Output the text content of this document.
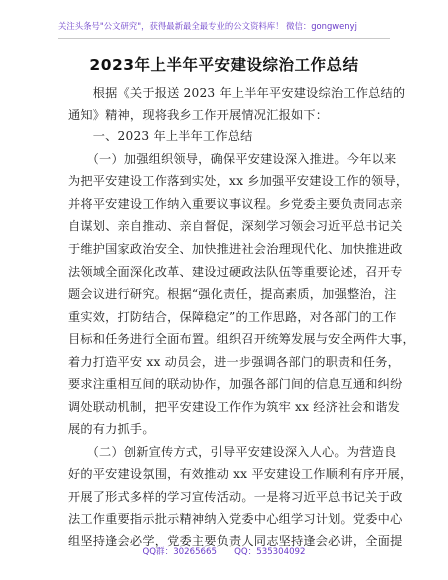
关注头条号"公文研究"，获得最新最全最专业的公文资料库！ 微信：gongwenyj
2023年上半年平安建设综治工作总结
　　根据《关于报送 2023 年上半年平安建设综治工作总结的
通知》精神，现将我乡工作开展情况汇报如下：
　　一、2023 年上半年工作总结
　　（一）加强组织领导，确保平安建设深入推进。今年以来
为把平安建设工作落到实处，xx 乡加强平安建设工作的领导，
并将平安建设工作纳入重要议事议程。乡党委主要负责同志亲
自谋划、亲自推动、亲自督促，深刻学习领会习近平总书记关
于维护国家政治安全、加快推进社会治理现代化、加快推进政
法领域全面深化改革、建设过硬政法队伍等重要论述，召开专
题会议进行研究。根据“强化责任，提高素质，加强整治，注
重实效，打防结合，保障稳定”的工作思路，对各部门的工作
目标和任务进行全面布置。组织召开统筹发展与安全两件大事，
着力打造平安 xx 动员会，进一步强调各部门的职责和任务，
要求注重相互间的联动协作，加强各部门间的信息互通和纠纷
调处联动机制，把平安建设工作作为筑牢 xx 经济社会和谐发
展的有力抓手。
　　（二）创新宣传方式，引导平安建设深入人心。为营造良
好的平安建设氛围，有效推动 xx 平安建设工作顺利有序开展，
开展了形式多样的学习宣传活动。一是将习近平总书记关于政
法工作重要指示批示精神纳入党委中心组学习计划。党委中心
组坚持逢会必学，党委主要负责人同志坚持逢会必讲，全面提
QQ群：30265665　　QQ：535304092
